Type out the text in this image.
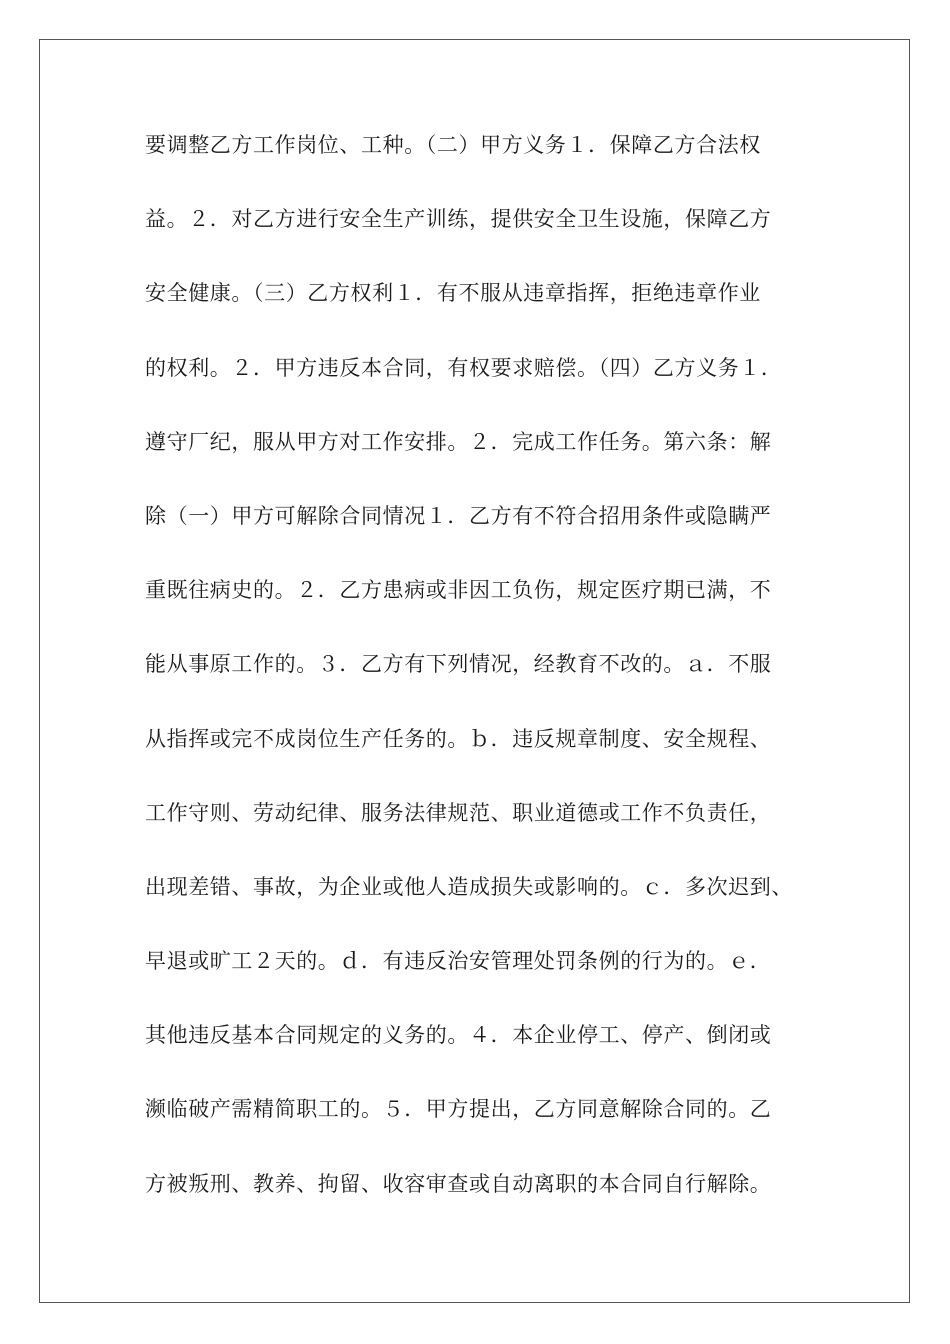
要调整乙方工作岗位、工种。（二）甲方义务１．保障乙方合法权
益。２．对乙方进行安全生产训练，提供安全卫生设施，保障乙方
安全健康。（三）乙方权利１．有不服从违章指挥，拒绝违章作业
的权利。２．甲方违反本合同，有权要求赔偿。（四）乙方义务１．
遵守厂纪，服从甲方对工作安排。２．完成工作任务。第六条：解
除（一）甲方可解除合同情况１．乙方有不符合招用条件或隐瞒严
重既往病史的。２．乙方患病或非因工负伤，规定医疗期已满，不
能从事原工作的。３．乙方有下列情况，经教育不改的。ａ．不服
从指挥或完不成岗位生产任务的。ｂ．违反规章制度、安全规程、
工作守则、劳动纪律、服务法律规范、职业道德或工作不负责任，
出现差错、事故，为企业或他人造成损失或影响的。ｃ．多次迟到、
早退或旷工２天的。ｄ．有违反治安管理处罚条例的行为的。ｅ．
其他违反基本合同规定的义务的。４．本企业停工、停产、倒闭或
濒临破产需精简职工的。５．甲方提出，乙方同意解除合同的。乙
方被叛刑、教养、拘留、收容审查或自动离职的本合同自行解除。
